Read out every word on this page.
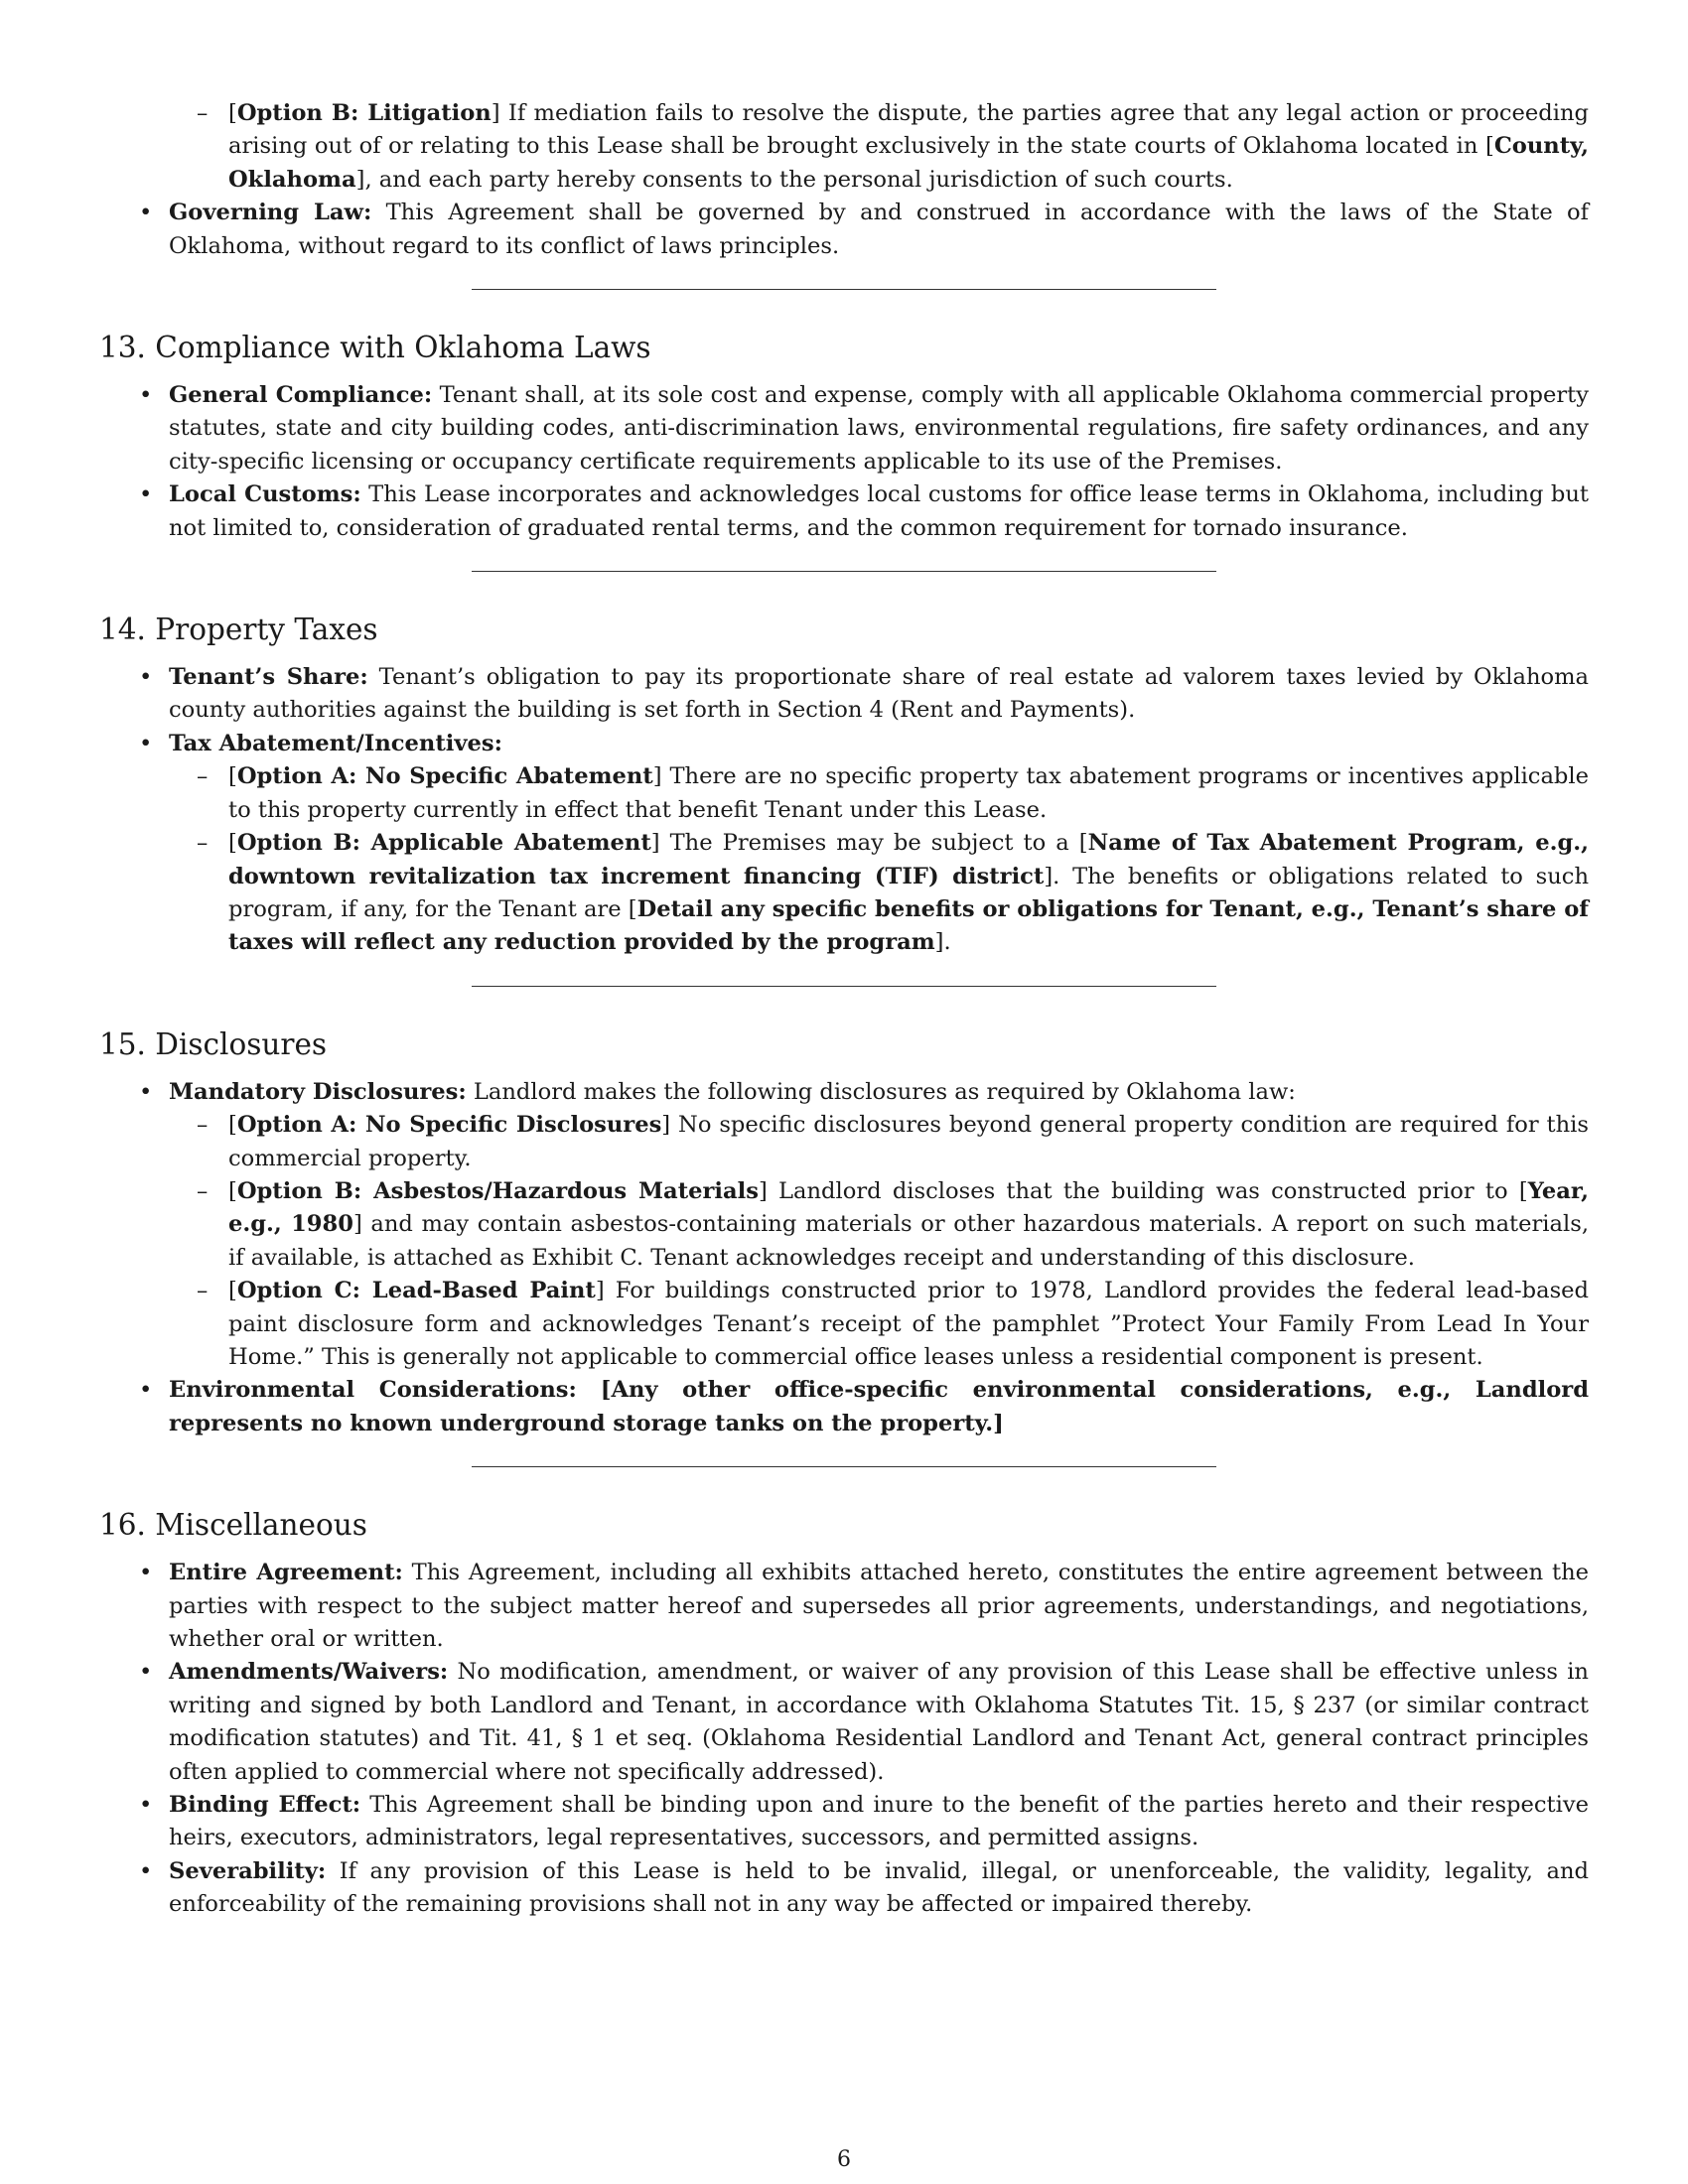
– [Option B: Litigation] If mediation fails to resolve the dispute, the parties agree that any legal action or proceeding arising out of or relating to this Lease shall be brought exclusively in the state courts of Oklahoma located in [County, Oklahoma], and each party hereby consents to the personal jurisdiction of such courts.
• Governing Law: This Agreement shall be governed by and construed in accordance with the laws of the State of Oklahoma, without regard to its conflict of laws principles.
13. Compliance with Oklahoma Laws
• General Compliance: Tenant shall, at its sole cost and expense, comply with all applicable Oklahoma commercial property statutes, state and city building codes, anti-discrimination laws, environmental regulations, fire safety ordinances, and any city-specific licensing or occupancy certificate requirements applicable to its use of the Premises.
• Local Customs: This Lease incorporates and acknowledges local customs for office lease terms in Oklahoma, including but not limited to, consideration of graduated rental terms, and the common requirement for tornado insurance.
14. Property Taxes
• Tenant’s Share: Tenant’s obligation to pay its proportionate share of real estate ad valorem taxes levied by Oklahoma county authorities against the building is set forth in Section 4 (Rent and Payments).
• Tax Abatement/Incentives:
– [Option A: No Specific Abatement] There are no specific property tax abatement programs or incentives applicable to this property currently in effect that benefit Tenant under this Lease.
– [Option B: Applicable Abatement] The Premises may be subject to a [Name of Tax Abatement Program, e.g., downtown revitalization tax increment financing (TIF) district]. The benefits or obligations related to such program, if any, for the Tenant are [Detail any specific benefits or obligations for Tenant, e.g., Tenant’s share of taxes will reflect any reduction provided by the program].
15. Disclosures
• Mandatory Disclosures: Landlord makes the following disclosures as required by Oklahoma law:
– [Option A: No Specific Disclosures] No specific disclosures beyond general property condition are required for this commercial property.
– [Option B: Asbestos/Hazardous Materials] Landlord discloses that the building was constructed prior to [Year, e.g., 1980] and may contain asbestos-containing materials or other hazardous materials. A report on such materials, if available, is attached as Exhibit C. Tenant acknowledges receipt and understanding of this disclosure.
– [Option C: Lead-Based Paint] For buildings constructed prior to 1978, Landlord provides the federal lead-based paint disclosure form and acknowledges Tenant’s receipt of the pamphlet ”Protect Your Family From Lead In Your Home.” This is generally not applicable to commercial office leases unless a residential component is present.
• Environmental Considerations: [Any other office-specific environmental considerations, e.g., Landlord represents no known underground storage tanks on the property.]
16. Miscellaneous
• Entire Agreement: This Agreement, including all exhibits attached hereto, constitutes the entire agreement between the parties with respect to the subject matter hereof and supersedes all prior agreements, understandings, and negotiations, whether oral or written.
• Amendments/Waivers: No modification, amendment, or waiver of any provision of this Lease shall be effective unless in writing and signed by both Landlord and Tenant, in accordance with Oklahoma Statutes Tit. 15, § 237 (or similar contract modification statutes) and Tit. 41, § 1 et seq. (Oklahoma Residential Landlord and Tenant Act, general contract principles often applied to commercial where not specifically addressed).
• Binding Effect: This Agreement shall be binding upon and inure to the benefit of the parties hereto and their respective heirs, executors, administrators, legal representatives, successors, and permitted assigns.
• Severability: If any provision of this Lease is held to be invalid, illegal, or unenforceable, the validity, legality, and enforceability of the remaining provisions shall not in any way be affected or impaired thereby.
6
